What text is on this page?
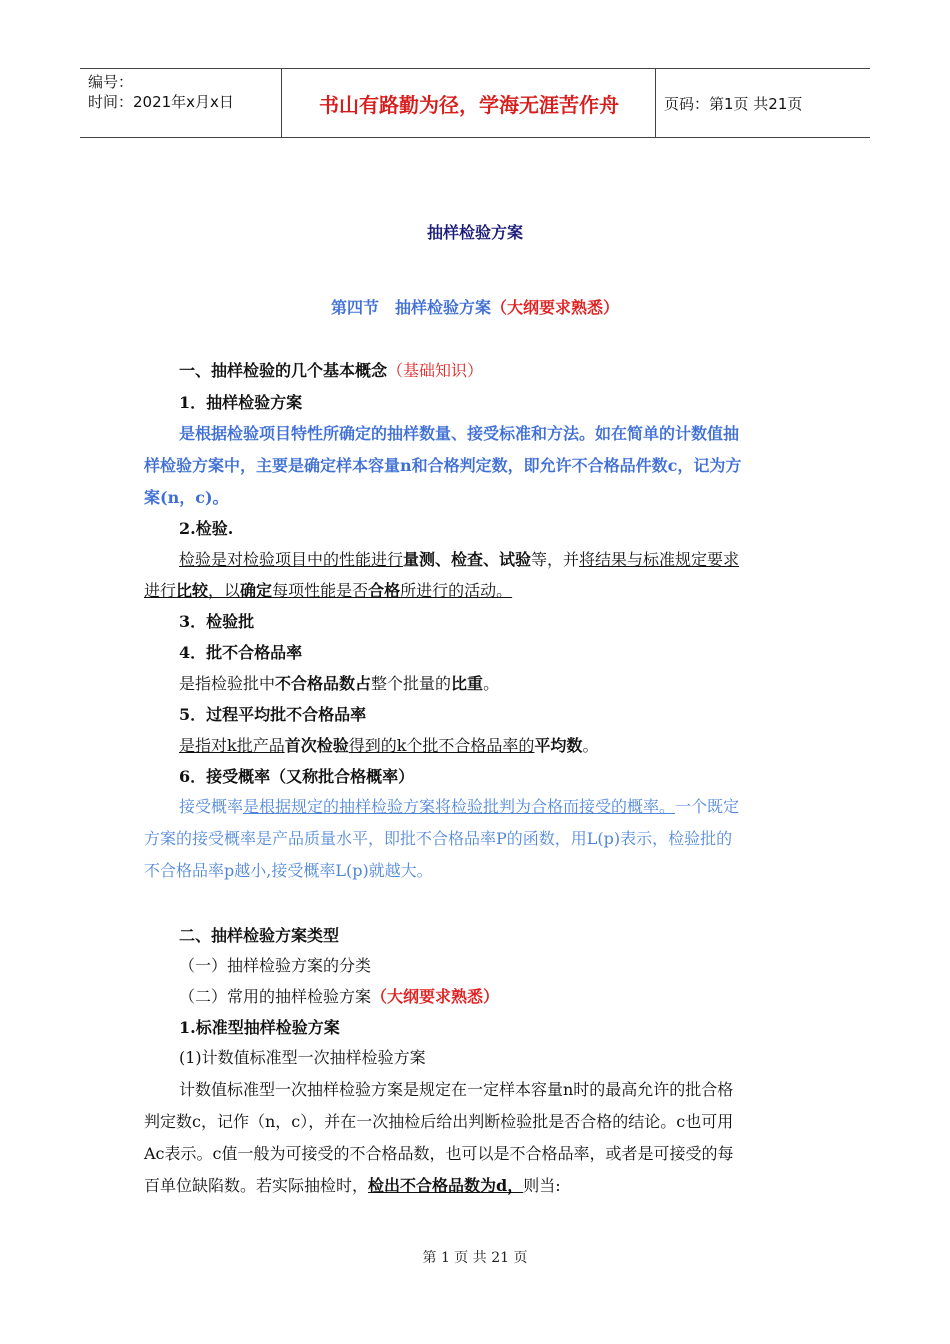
编号：
时间：2021年x月x日	书山有路勤为径，学海无涯苦作舟	页码：第1页 共21页
抽样检验方案
第四节　抽样检验方案（大纲要求熟悉）
一、抽样检验的几个基本概念（基础知识）
1．抽样检验方案
是根据检验项目特性所确定的抽样数量、接受标准和方法。如在简单的计数值抽
样检验方案中，主要是确定样本容量n和合格判定数，即允许不合格品件数c，记为方
案(n，c)。
2.检验.
检验是对检验项目中的性能进行量测、检查、试验等，并将结果与标准规定要求
进行比较，以确定每项性能是否合格所进行的活动。
3．检验批
4．批不合格品率
是指检验批中不合格品数占整个批量的比重。
5．过程平均批不合格品率
是指对k批产品首次检验得到的k个批不合格品率的平均数。
6．接受概率（又称批合格概率）
接受概率是根据规定的抽样检验方案将检验批判为合格而接受的概率。一个既定
方案的接受概率是产品质量水平，即批不合格品率P的函数，用L(p)表示，检验批的
不合格品率p越小,接受概率L(p)就越大。
二、抽样检验方案类型
（一）抽样检验方案的分类
（二）常用的抽样检验方案（大纲要求熟悉）
1.标准型抽样检验方案
(1)计数值标准型一次抽样检验方案
计数值标准型一次抽样检验方案是规定在一定样本容量n时的最高允许的批合格
判定数c，记作（n，c），并在一次抽检后给出判断检验批是否合格的结论。c也可用
Ac表示。c值一般为可接受的不合格品数，也可以是不合格品率，或者是可接受的每
百单位缺陷数。若实际抽检时，检出不合格品数为d，则当:
第 1 页 共 21 页
